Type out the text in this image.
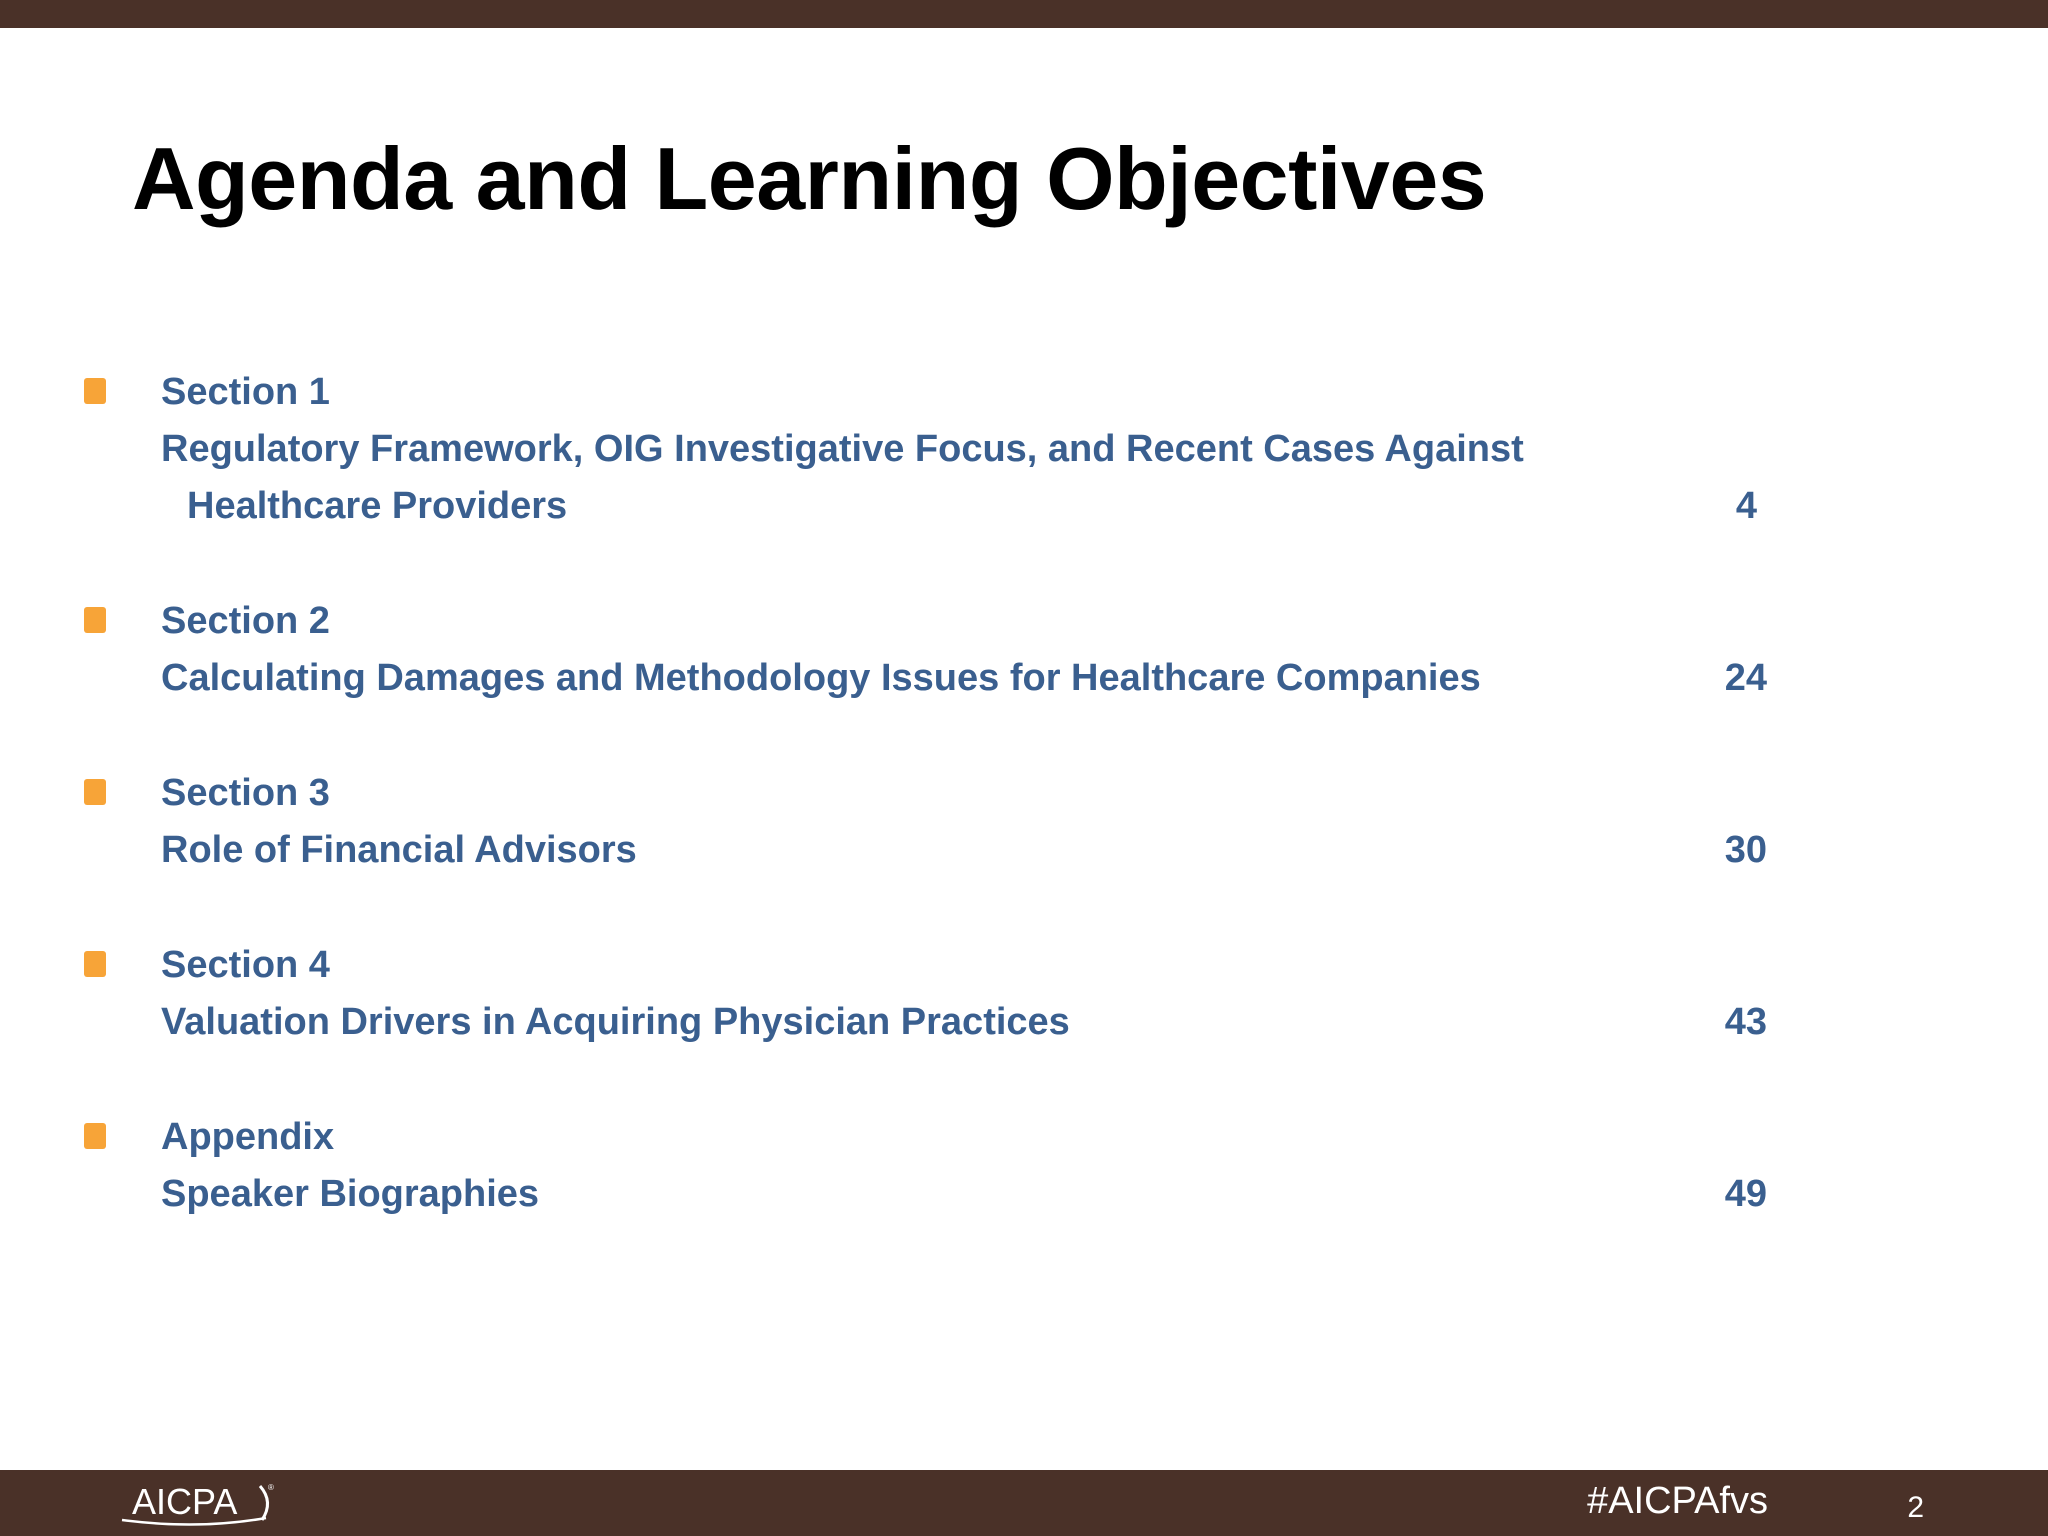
Agenda and Learning Objectives
Section 1
Regulatory Framework, OIG Investigative Focus, and Recent Cases Against
Healthcare Providers	4
Section 2
Calculating Damages and Methodology Issues for Healthcare Companies	24
Section 3
Role of Financial Advisors	30
Section 4
Valuation Drivers in Acquiring Physician Practices	43
Appendix
Speaker Biographies	49
®
AICPA	#AICPAfvs	2
